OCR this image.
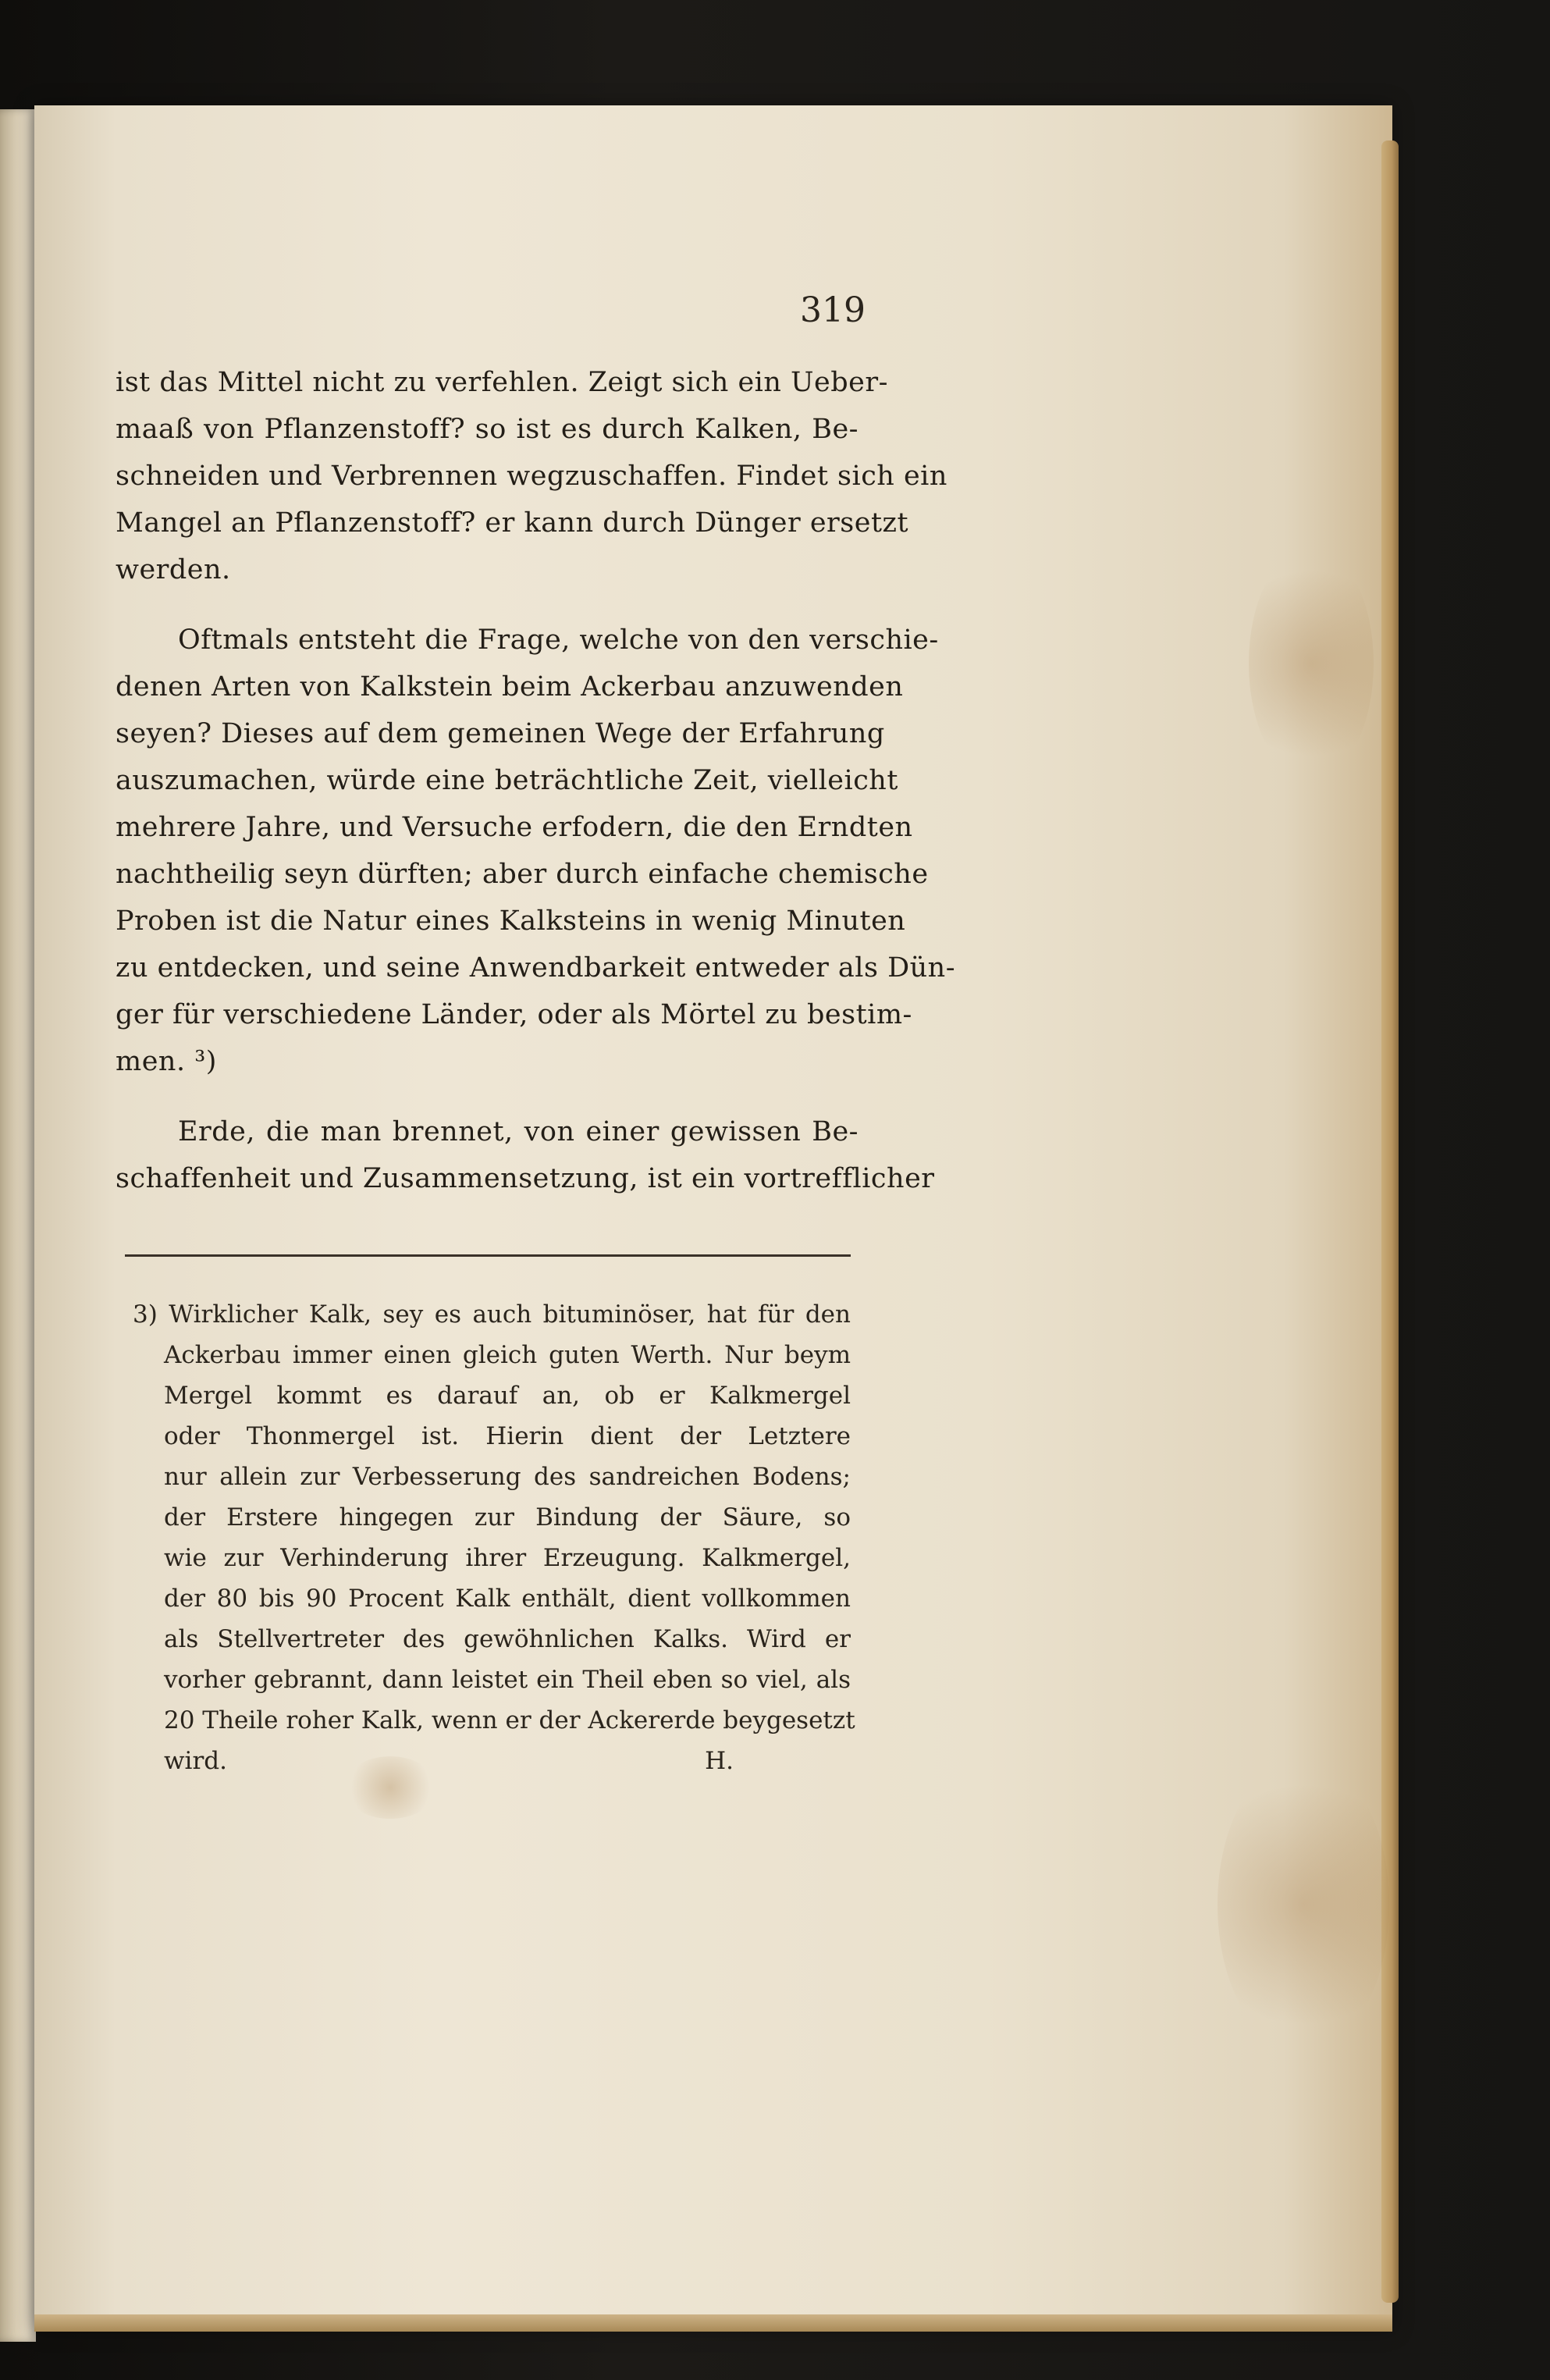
319
ist das Mittel nicht zu verfehlen. Zeigt sich ein Ueber-
maaß von Pflanzenstoff? so ist es durch Kalken, Be-
schneiden und Verbrennen wegzuschaffen. Findet sich ein
Mangel an Pflanzenstoff? er kann durch Dünger ersetzt
werden.
Oftmals entsteht die Frage, welche von den verschie-
denen Arten von Kalkstein beim Ackerbau anzuwenden
seyen? Dieses auf dem gemeinen Wege der Erfahrung
auszumachen, würde eine beträchtliche Zeit, vielleicht
mehrere Jahre, und Versuche erfodern, die den Erndten
nachtheilig seyn dürften; aber durch einfache chemische
Proben ist die Natur eines Kalksteins in wenig Minuten
zu entdecken, und seine Anwendbarkeit entweder als Dün-
ger für verschiedene Länder, oder als Mörtel zu bestim-
men. ³)
Erde, die man brennet, von einer gewissen Be-
schaffenheit und Zusammensetzung, ist ein vortrefflicher
3) Wirklicher Kalk, sey es auch bituminöser, hat für den
Ackerbau immer einen gleich guten Werth. Nur beym
Mergel kommt es darauf an, ob er Kalkmergel
oder Thonmergel ist. Hierin dient der Letztere
nur allein zur Verbesserung des sandreichen Bodens;
der Erstere hingegen zur Bindung der Säure, so
wie zur Verhinderung ihrer Erzeugung. Kalkmergel,
der 80 bis 90 Procent Kalk enthält, dient vollkommen
als Stellvertreter des gewöhnlichen Kalks. Wird er
vorher gebrannt, dann leistet ein Theil eben so viel, als
20 Theile roher Kalk, wenn er der Ackererde beygesetzt
wird.	H.
